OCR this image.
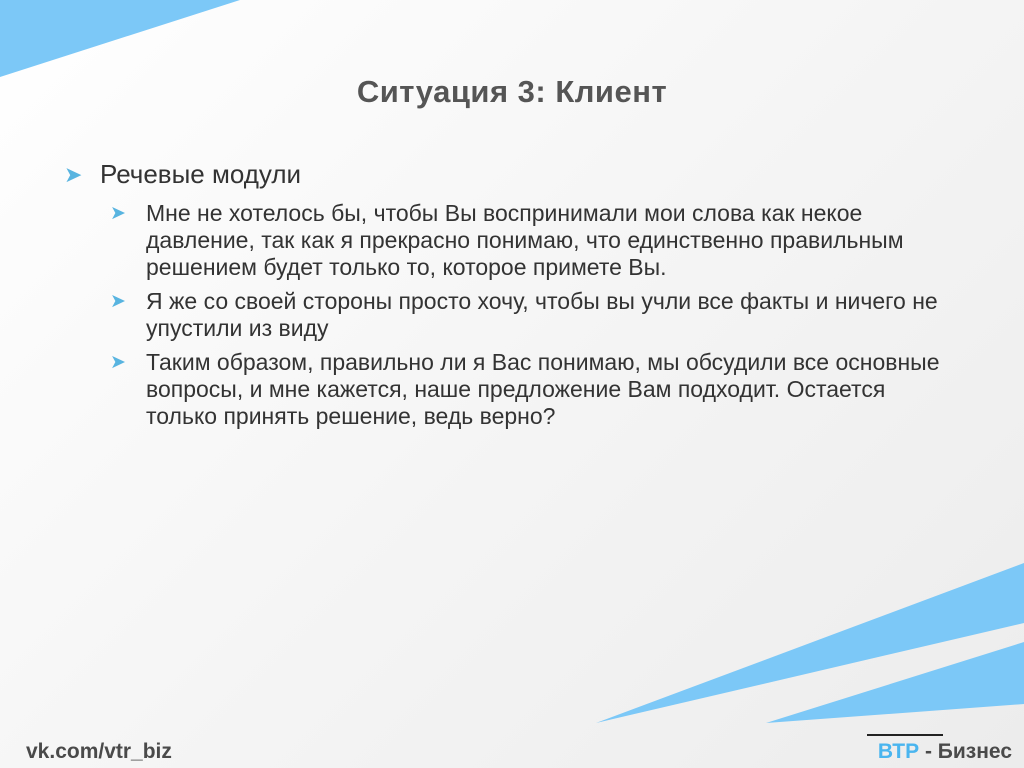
Ситуация 3: Клиент
➤ Речевые модули
➤ Мне не хотелось бы, чтобы Вы воспринимали мои слова как некое давление, так как я прекрасно понимаю, что единственно правильным решением будет только то, которое примете Вы.
➤ Я же со своей стороны просто хочу, чтобы вы учли все факты и ничего не упустили из виду
➤ Таким образом, правильно ли я Вас понимаю, мы обсудили все основные вопросы, и мне кажется, наше предложение Вам подходит. Остается только принять решение, ведь верно?
vk.com/vtr_biz	ВТР - Бизнес
